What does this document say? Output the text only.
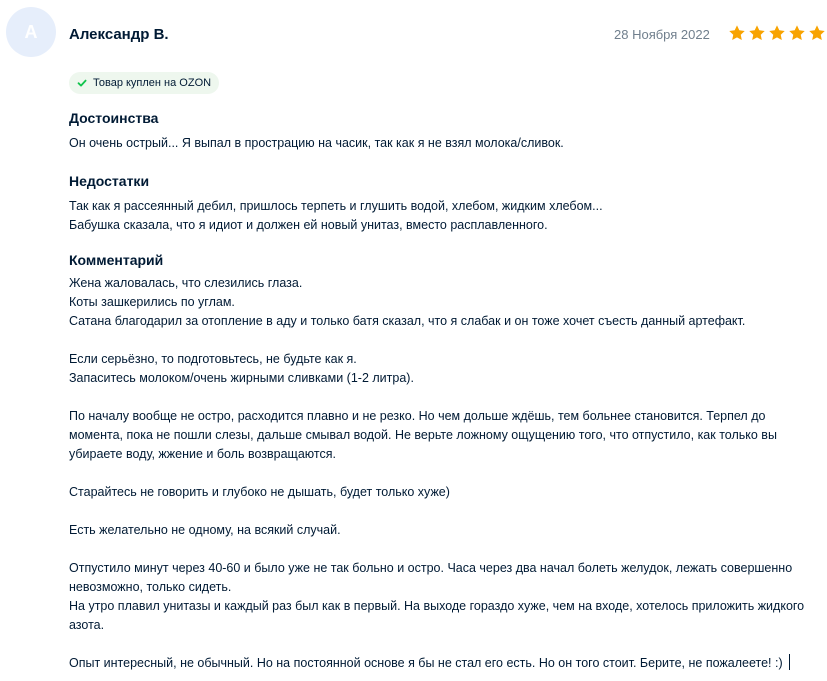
A Александр В.	28 Ноября 2022
Товар куплен на OZON

Достоинства

Он очень острый... Я выпал в прострацию на часик, так как я не взял молока/сливок.

Недостатки

Так как я рассеянный дебил, пришлось терпеть и глушить водой, хлебом, жидким хлебом...
Бабушка сказала, что я идиот и должен ей новый унитаз, вместо расплавленного.

Комментарий

Жена жаловалась, что слезились глаза.
Коты зашкерились по углам.
Сатана благодарил за отопление в аду и только батя сказал, что я слабак и он тоже хочет съесть данный артефакт.

Если серьёзно, то подготовьтесь, не будьте как я.
Запаситесь молоком/очень жирными сливками (1-2 литра).

По началу вообще не остро, расходится плавно и не резко. Но чем дольше ждёшь, тем больнее становится. Терпел до момента, пока не пошли слезы, дальше смывал водой. Не верьте ложному ощущению того, что отпустило, как только вы убираете воду, жжение и боль возвращаются.

Старайтесь не говорить и глубоко не дышать, будет только хуже)

Есть желательно не одному, на всякий случай.

Отпустило минут через 40-60 и было уже не так больно и остро. Часа через два начал болеть желудок, лежать совершенно невозможно, только сидеть.
На утро плавил унитазы и каждый раз был как в первый. На выходе гораздо хуже, чем на входе, хотелось приложить жидкого азота.

Опыт интересный, не обычный. Но на постоянной основе я бы не стал его есть. Но он того стоит. Берите, не пожалеете! :)
